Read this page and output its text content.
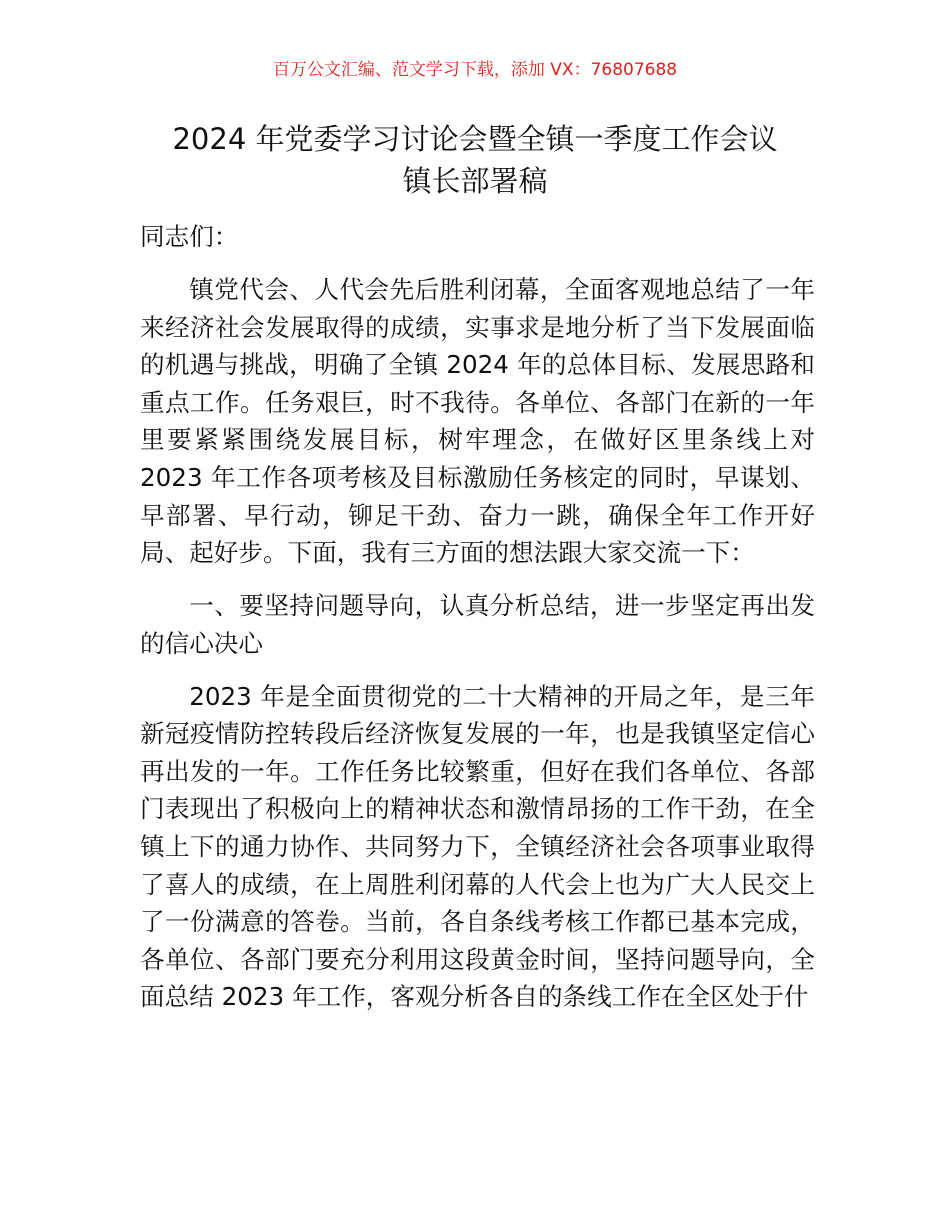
百万公文汇编、范文学习下载，添加 VX：76807688
2024 年党委学习讨论会暨全镇一季度工作会议
镇长部署稿

同志们：

镇党代会、人代会先后胜利闭幕，全面客观地总结了一年来经济社会发展取得的成绩，实事求是地分析了当下发展面临的机遇与挑战，明确了全镇 2024 年的总体目标、发展思路和重点工作。任务艰巨，时不我待。各单位、各部门在新的一年里要紧紧围绕发展目标，树牢理念，在做好区里条线上对 2023 年工作各项考核及目标激励任务核定的同时，早谋划、早部署、早行动，铆足干劲、奋力一跳，确保全年工作开好局、起好步。下面，我有三方面的想法跟大家交流一下：

一、要坚持问题导向，认真分析总结，进一步坚定再出发的信心决心

2023 年是全面贯彻党的二十大精神的开局之年，是三年新冠疫情防控转段后经济恢复发展的一年，也是我镇坚定信心再出发的一年。工作任务比较繁重，但好在我们各单位、各部门表现出了积极向上的精神状态和激情昂扬的工作干劲，在全镇上下的通力协作、共同努力下，全镇经济社会各项事业取得了喜人的成绩，在上周胜利闭幕的人代会上也为广大人民交上了一份满意的答卷。当前，各自条线考核工作都已基本完成，各单位、各部门要充分利用这段黄金时间，坚持问题导向，全面总结 2023 年工作，客观分析各自的条线工作在全区处于什
